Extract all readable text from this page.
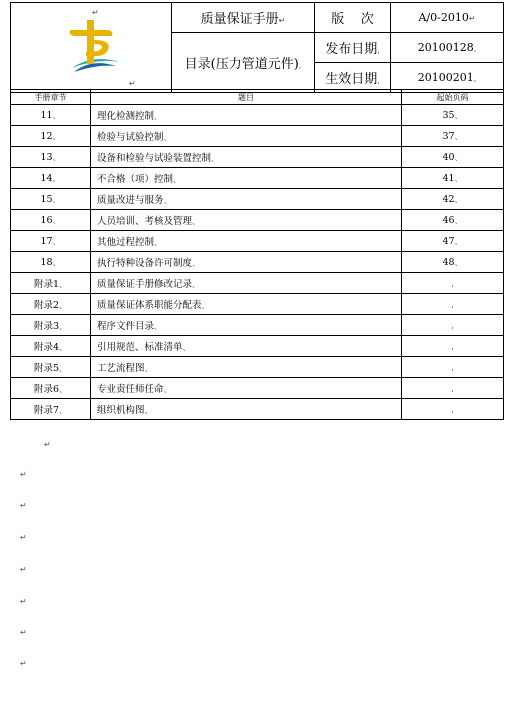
↵
↵	质量保证手册↵	版    次	A/0-2010↵
	目录(压力管道元件),	发布日期,	20100128,
		生效日期,	20100201,
手册章节	题目	起始页码
11、	理化检测控制、	35、
12、	检验与试验控制、	37、
13、	设备和检验与试验装置控制、	40、
14、	不合格（项）控制、	41、
15、	质量改进与服务、	42、
16、	人员培训、考核及管理、	46、
17、	其他过程控制、	47、
18、	执行特种设备许可制度、	48、
附录1、	质量保证手册修改记录、	,
附录2、	质量保证体系职能分配表、	,
附录3、	程序文件目录、	,
附录4、	引用规范、标准清单、	,
附录5、	工艺流程图、	,
附录6、	专业责任师任命、	,
附录7、	组织机构图、	,
↵
↵
↵
↵
↵
↵
↵
↵
